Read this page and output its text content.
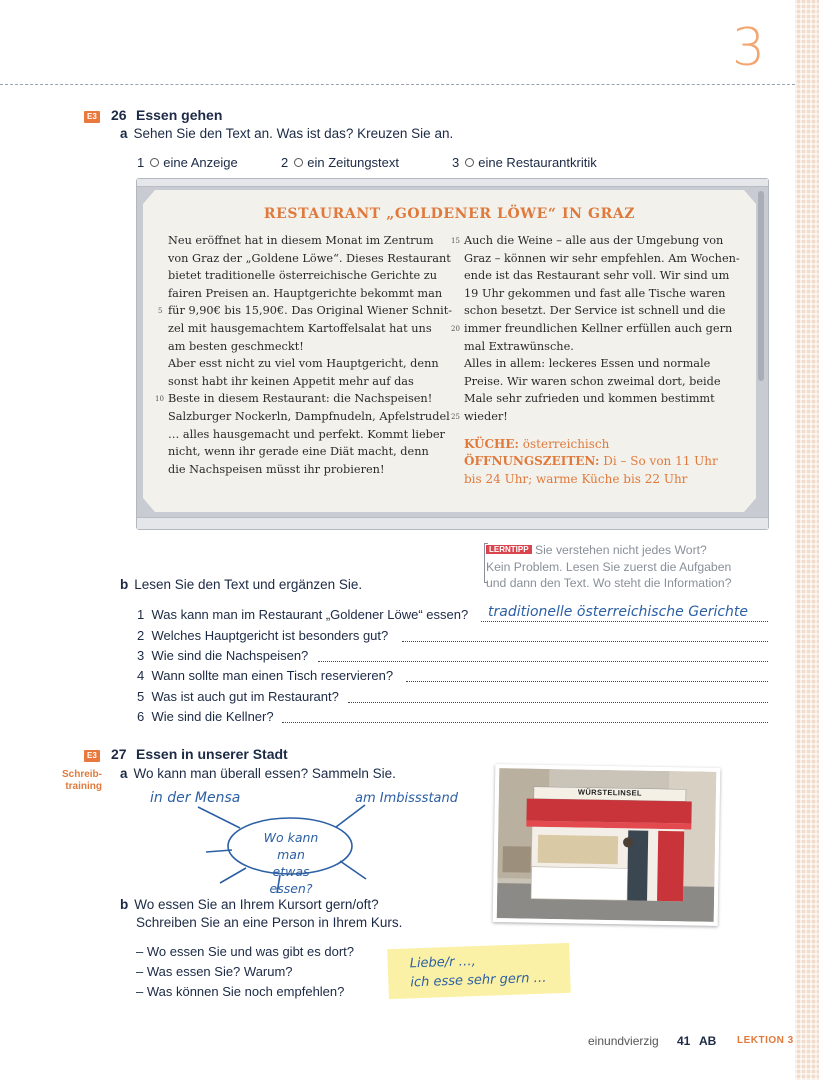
3
E3 26 Essen gehen
a Sehen Sie den Text an. Was ist das? Kreuzen Sie an.
1 eine Anzeige	2 ein Zeitungstext	3 eine Restaurantkritik
RESTAURANT „GOLDENER LÖWE“ IN GRAZ
Neu eröffnet hat in diesem Monat im Zentrum
von Graz der „Goldene Löwe“. Dieses Restaurant
bietet traditionelle österreichische Gerichte zu
fairen Preisen an. Hauptgerichte bekommt man
für 9,90€ bis 15,90€. Das Original Wiener Schnit-
zel mit hausgemachtem Kartoffelsalat hat uns
am besten geschmeckt!
Aber esst nicht zu viel vom Hauptgericht, denn
sonst habt ihr keinen Appetit mehr auf das
Beste in diesem Restaurant: die Nachspeisen!
Salzburger Nockerln, Dampfnudeln, Apfelstrudel
… alles hausgemacht und perfekt. Kommt lieber
nicht, wenn ihr gerade eine Diät macht, denn
die Nachspeisen müsst ihr probieren!
5
10
Auch die Weine – alle aus der Umgebung von
Graz – können wir sehr empfehlen. Am Wochen-
ende ist das Restaurant sehr voll. Wir sind um
19 Uhr gekommen und fast alle Tische waren
schon besetzt. Der Service ist schnell und die
immer freundlichen Kellner erfüllen auch gern
mal Extrawünsche.
Alles in allem: leckeres Essen und normale
Preise. Wir waren schon zweimal dort, beide
Male sehr zufrieden und kommen bestimmt
wieder!
KÜCHE: österreichisch
ÖFFNUNGSZEITEN: Di – So von 11 Uhr
bis 24 Uhr; warme Küche bis 22 Uhr
15
20
25
LERNTIPP Sie verstehen nicht jedes Wort?
Kein Problem. Lesen Sie zuerst die Aufgaben
und dann den Text. Wo steht die Information?
b Lesen Sie den Text und ergänzen Sie.
1 Was kann man im Restaurant „Goldener Löwe“ essen? traditionelle österreichische Gerichte
2 Welches Hauptgericht ist besonders gut?
3 Wie sind die Nachspeisen?
4 Wann sollte man einen Tisch reservieren?
5 Was ist auch gut im Restaurant?
6 Wie sind die Kellner?
E3 27 Essen in unserer Stadt
Schreib-
training
a Wo kann man überall essen? Sammeln Sie.
in der Mensa	am Imbissstand
Wo kann man
etwas essen?
WÜRSTELINSEL
b Wo essen Sie an Ihrem Kursort gern/oft?
Schreiben Sie an eine Person in Ihrem Kurs.
– Wo essen Sie und was gibt es dort?
– Was essen Sie? Warum?
– Was können Sie noch empfehlen?
Liebe/r …,
ich esse sehr gern …
einundvierzig 41 AB LEKTION 3
